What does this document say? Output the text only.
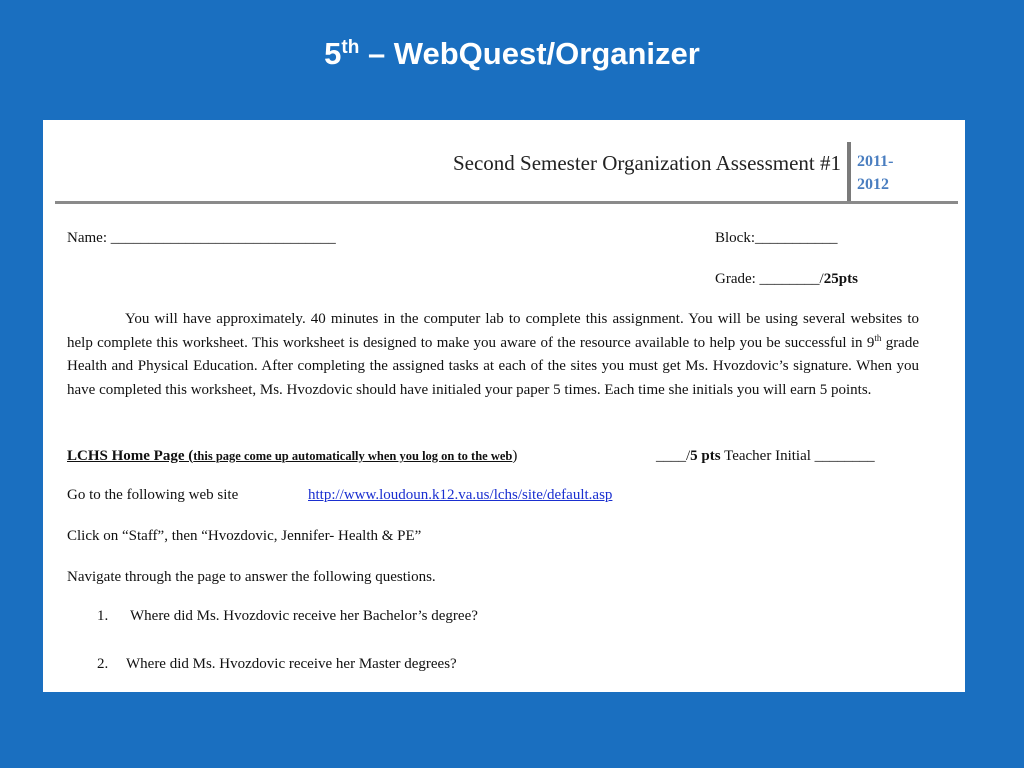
5th – WebQuest/Organizer
Second Semester Organization Assessment #1 2011-
2012
Name: ______________________________	Block:___________
Grade: ________/25pts
You will have approximately. 40 minutes in the computer lab to complete this assignment. You will be using several websites to help complete this worksheet. This worksheet is designed to make you aware of the resource available to help you be successful in 9th grade Health and Physical Education. After completing the assigned tasks at each of the sites you must get Ms. Hvozdovic’s signature. When you have completed this worksheet, Ms. Hvozdovic should have initialed your paper 5 times. Each time she initials you will earn 5 points.
LCHS Home Page (this page come up automatically when you log on to the web)	____/5 pts Teacher Initial ________
Go to the following web site	http://www.loudoun.k12.va.us/lchs/site/default.asp
Click on “Staff”, then “Hvozdovic, Jennifer- Health & PE”
Navigate through the page to answer the following questions.
1. Where did Ms. Hvozdovic receive her Bachelor’s degree?
2. Where did Ms. Hvozdovic receive her Master degrees?
